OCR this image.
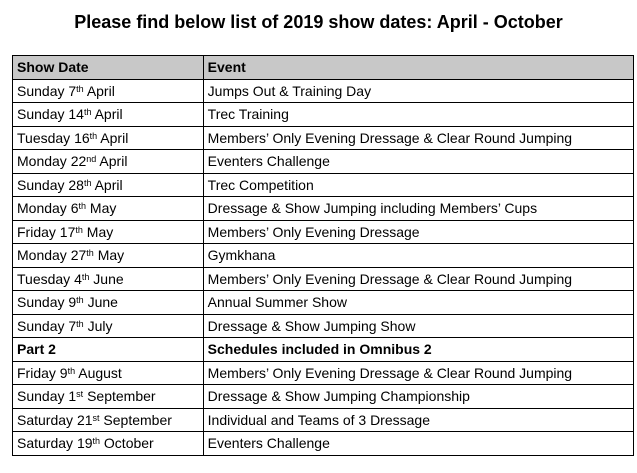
Please find below list of 2019 show dates: April - October
Show Date	Event
Sunday 7th April	Jumps Out & Training Day
Sunday 14th April	Trec Training
Tuesday 16th April	Members’ Only Evening Dressage & Clear Round Jumping
Monday 22nd April	Eventers Challenge
Sunday 28th April	Trec Competition
Monday 6th May	Dressage & Show Jumping including Members’ Cups
Friday 17th May	Members’ Only Evening Dressage
Monday 27th May	Gymkhana
Tuesday 4th June	Members’ Only Evening Dressage & Clear Round Jumping
Sunday 9th June	Annual Summer Show
Sunday 7th July	Dressage & Show Jumping Show
Part 2	Schedules included in Omnibus 2
Friday 9th August	Members’ Only Evening Dressage & Clear Round Jumping
Sunday 1st September	Dressage & Show Jumping Championship
Saturday 21st September	Individual and Teams of 3 Dressage
Saturday 19th October	Eventers Challenge
